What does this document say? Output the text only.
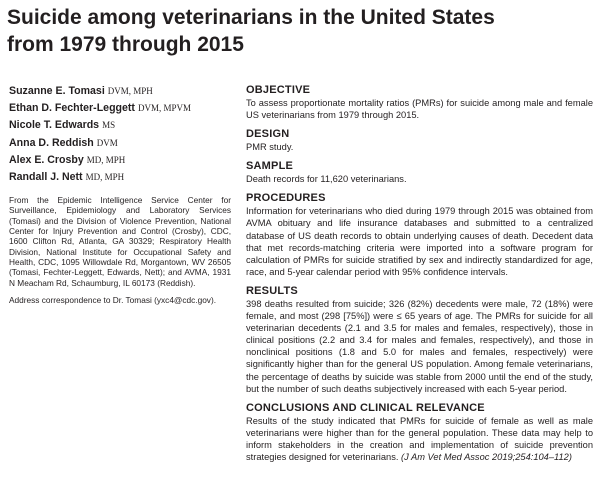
Suicide among veterinarians in the United States
from 1979 through 2015
Suzanne E. Tomasi DVM, MPH
Ethan D. Fechter-Leggett DVM, MPVM
Nicole T. Edwards MS
Anna D. Reddish DVM
Alex E. Crosby MD, MPH
Randall J. Nett MD, MPH
From the Epidemic Intelligence Service Center for Surveillance, Epidemiology and Laboratory Services (Tomasi) and the Division of Violence Prevention, National Center for Injury Prevention and Control (Crosby), CDC, 1600 Clifton Rd, Atlanta, GA 30329; Respiratory Health Division, National Institute for Occupational Safety and Health, CDC, 1095 Willowdale Rd, Morgantown, WV 26505 (Tomasi, Fechter-Leggett, Edwards, Nett); and AVMA, 1931 N Meacham Rd, Schaumburg, IL 60173 (Reddish).
Address correspondence to Dr. Tomasi (yxc4@cdc.gov).
OBJECTIVE
To assess proportionate mortality ratios (PMRs) for suicide among male and female US veterinarians from 1979 through 2015.
DESIGN
PMR study.
SAMPLE
Death records for 11,620 veterinarians.
PROCEDURES
Information for veterinarians who died during 1979 through 2015 was obtained from AVMA obituary and life insurance databases and submitted to a centralized database of US death records to obtain underlying causes of death. Decedent data that met records-matching criteria were imported into a software program for calculation of PMRs for suicide stratified by sex and indirectly standardized for age, race, and 5-year calendar period with 95% confidence intervals.
RESULTS
398 deaths resulted from suicide; 326 (82%) decedents were male, 72 (18%) were female, and most (298 [75%]) were ≤ 65 years of age. The PMRs for suicide for all veterinarian decedents (2.1 and 3.5 for males and females, respectively), those in clinical positions (2.2 and 3.4 for males and females, respectively), and those in nonclinical positions (1.8 and 5.0 for males and females, respectively) were significantly higher than for the general US population. Among female veterinarians, the percentage of deaths by suicide was stable from 2000 until the end of the study, but the number of such deaths subjectively increased with each 5-year period.
CONCLUSIONS AND CLINICAL RELEVANCE
Results of the study indicated that PMRs for suicide of female as well as male veterinarians were higher than for the general population. These data may help to inform stakeholders in the creation and implementation of suicide prevention strategies designed for veterinarians. (J Am Vet Med Assoc 2019;254:104–112)
